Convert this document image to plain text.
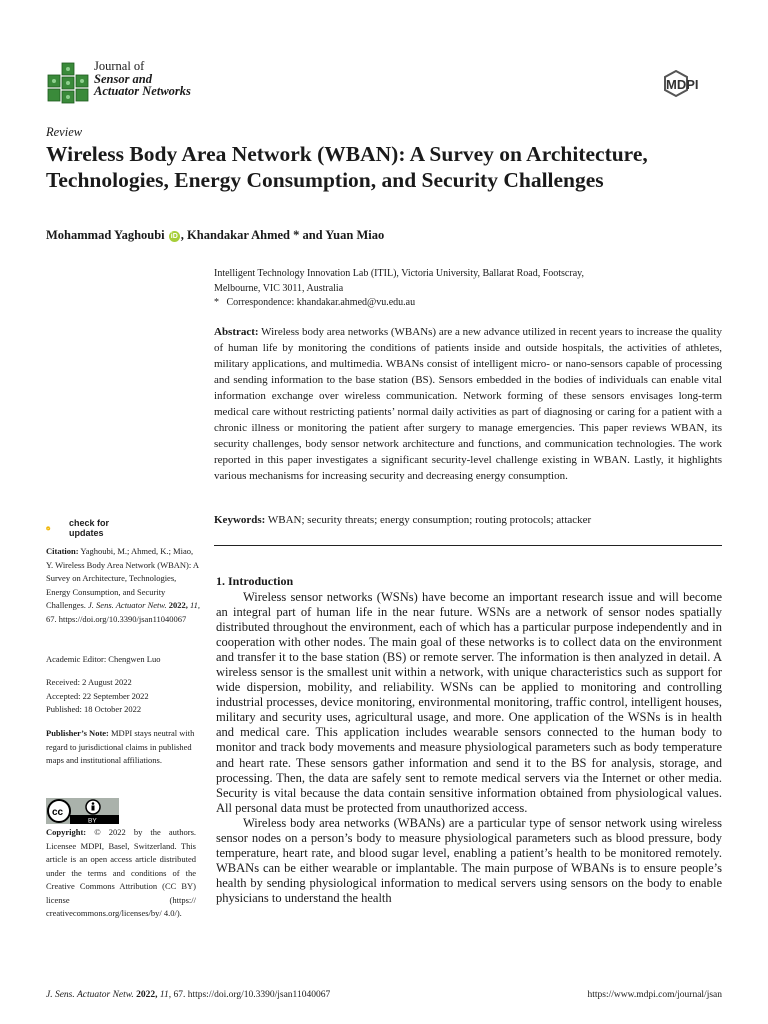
Journal of
Sensor and
Actuator Networks	MDPI
Review
Wireless Body Area Network (WBAN): A Survey on Architecture, Technologies, Energy Consumption, and Security Challenges
Mohammad Yaghoubi iD , Khandakar Ahmed * and Yuan Miao
Intelligent Technology Innovation Lab (ITIL), Victoria University, Ballarat Road, Footscray,
Melbourne, VIC 3011, Australia
* Correspondence: khandakar.ahmed@vu.edu.au
Abstract: Wireless body area networks (WBANs) are a new advance utilized in recent years to increase the quality of human life by monitoring the conditions of patients inside and outside hospitals, the activities of athletes, military applications, and multimedia. WBANs consist of intelligent micro- or nano-sensors capable of processing and sending information to the base station (BS). Sensors embedded in the bodies of individuals can enable vital information exchange over wireless communication. Network forming of these sensors envisages long-term medical care without restricting patients’ normal daily activities as part of diagnosing or caring for a patient with a chronic illness or monitoring the patient after surgery to manage emergencies. This paper reviews WBAN, its security challenges, body sensor network architecture and functions, and communication technologies. The work reported in this paper investigates a significant security-level challenge existing in WBAN. Lastly, it highlights various mechanisms for increasing security and decreasing energy consumption.
Keywords: WBAN; security threats; energy consumption; routing protocols; attacker
check for
updates
Citation: Yaghoubi, M.; Ahmed, K.; Miao, Y. Wireless Body Area Network (WBAN): A Survey on Architecture, Technologies, Energy Consumption, and Security Challenges. J. Sens. Actuator Netw. 2022, 11, 67. https://doi.org/10.3390/jsan11040067
Academic Editor: Chengwen Luo
Received: 2 August 2022
Accepted: 22 September 2022
Published: 18 October 2022
Publisher’s Note: MDPI stays neutral with regard to jurisdictional claims in published maps and institutional affiliations.
cc
BY
Copyright: © 2022 by the authors. Licensee MDPI, Basel, Switzerland. This article is an open access article distributed under the terms and conditions of the Creative Commons Attribution (CC BY) license (https:// creativecommons.org/licenses/by/ 4.0/).
1. Introduction

Wireless sensor networks (WSNs) have become an important research issue and will become an integral part of human life in the near future. WSNs are a network of sensor nodes spatially distributed throughout the environment, each of which has a particular purpose independently and in cooperation with other nodes. The main goal of these networks is to collect data on the environment and transfer it to the base station (BS) or remote server. The information is then analyzed in detail. A wireless sensor is the smallest unit within a network, with unique characteristics such as support for wide dispersion, mobility, and reliability. WSNs can be applied to monitoring and controlling industrial processes, device monitoring, environmental monitoring, traffic control, intelligent houses, military and security uses, agricultural usage, and more. One application of the WSNs is in health and medical care. This application includes wearable sensors connected to the human body to monitor and track body movements and measure physiological parameters such as body temperature and heart rate. These sensors gather information and send it to the BS for analysis, storage, and processing. Then, the data are safely sent to remote medical servers via the Internet or other media. Security is vital because the data contain sensitive information obtained from physiological values. All personal data must be protected from unauthorized access.

Wireless body area networks (WBANs) are a particular type of sensor network using wireless sensor nodes on a person’s body to measure physiological parameters such as blood pressure, body temperature, heart rate, and blood sugar level, enabling a patient’s health to be monitored remotely. WBANs can be either wearable or implantable. The main purpose of WBANs is to ensure people’s health by sending physiological information to medical servers using sensors on the body to enable physicians to understand the health

J. Sens. Actuator Netw. 2022, 11, 67. https://doi.org/10.3390/jsan11040067	https://www.mdpi.com/journal/jsan
